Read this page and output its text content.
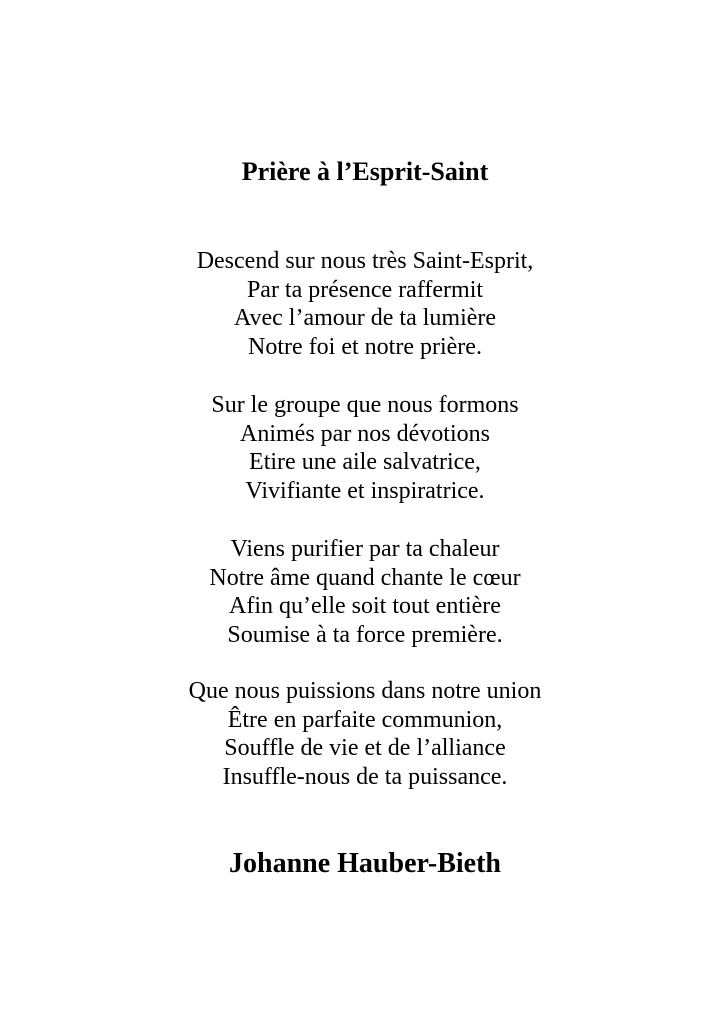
Prière à l’Esprit-Saint
Descend sur nous très Saint-Esprit,
Par ta présence raffermit
Avec l’amour de ta lumière
Notre foi et notre prière.
Sur le groupe que nous formons
Animés par nos dévotions
Etire une aile salvatrice,
Vivifiante et inspiratrice.
Viens purifier par ta chaleur
Notre âme quand chante le cœur
Afin qu’elle soit tout entière
Soumise à ta force première.
Que nous puissions dans notre union
Être en parfaite communion,
Souffle de vie et de l’alliance
Insuffle-nous de ta puissance.

Johanne Hauber-Bieth
